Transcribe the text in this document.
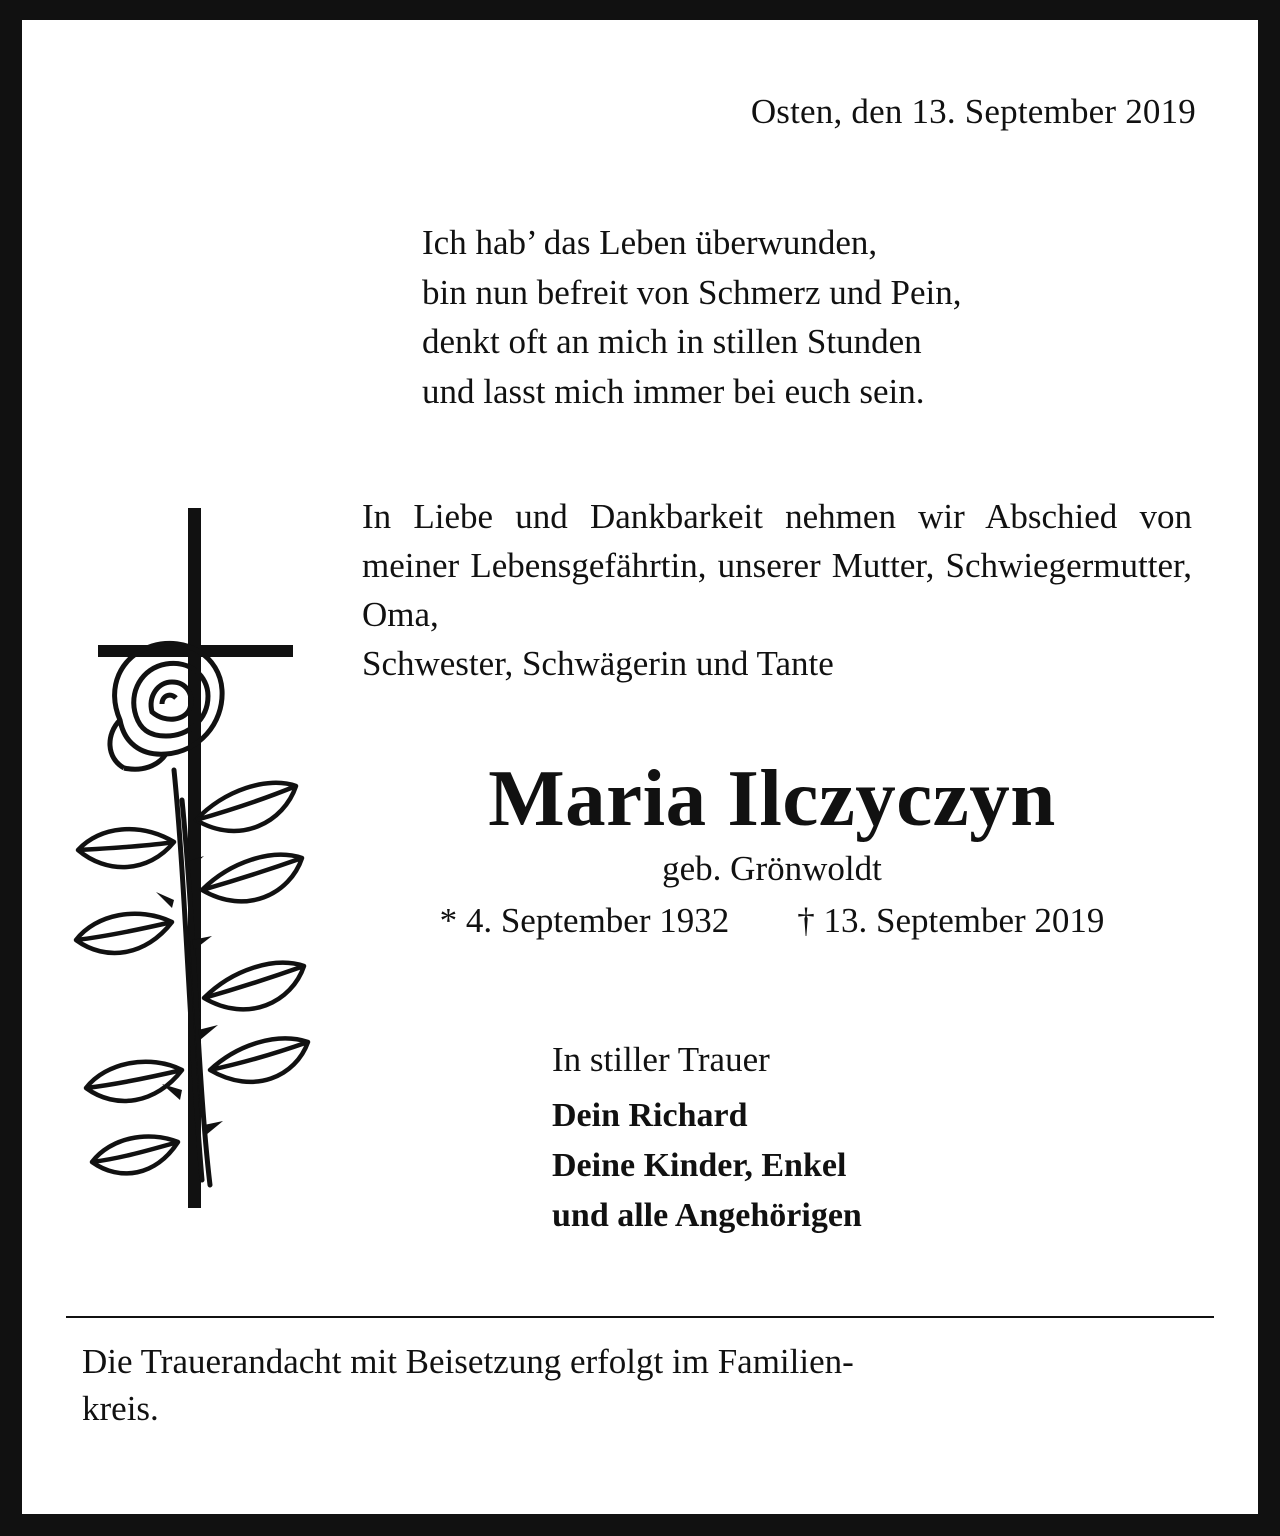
Osten, den 13. September 2019
Ich hab’ das Leben überwunden,
bin nun befreit von Schmerz und Pein,
denkt oft an mich in stillen Stunden
und lasst mich immer bei euch sein.
In Liebe und Dankbarkeit nehmen wir Abschied von meiner Lebensgefährtin, unserer Mutter, Schwiegermutter, Oma,
Schwester, Schwägerin und Tante
Maria Ilczyczyn
geb. Grönwoldt
* 4. September 1932 † 13. September 2019
In stiller Trauer
Dein Richard
Deine Kinder, Enkel
und alle Angehörigen
Die Trauerandacht mit Beisetzung erfolgt im Familien-
kreis.
